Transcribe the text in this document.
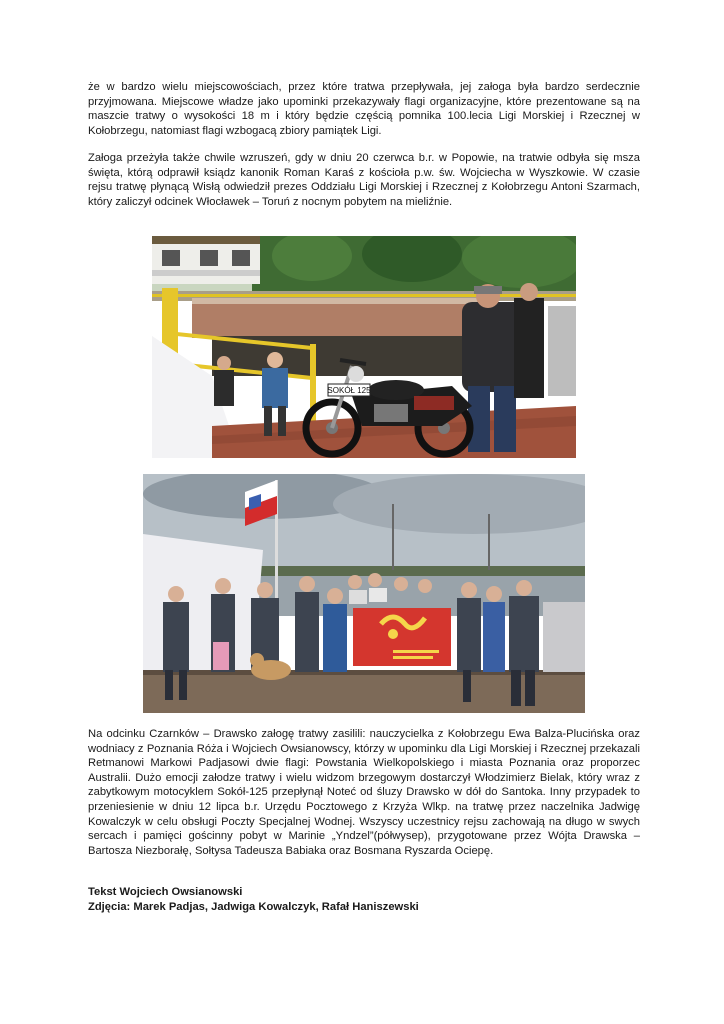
że w bardzo wielu miejscowościach, przez które tratwa przepływała, jej załoga była bardzo serdecznie przyjmowana. Miejscowe władze jako upominki przekazywały flagi organizacyjne, które prezentowane są na maszcie tratwy o wysokości 18 m i który będzie częścią pomnika 100.lecia Ligi Morskiej i Rzecznej w Kołobrzegu, natomiast flagi wzbogacą zbiory pamiątek Ligi.

Załoga przeżyła także chwile wzruszeń, gdy w dniu 20 czerwca b.r. w Popowie, na tratwie odbyła się msza święta, którą odprawił ksiądz kanonik Roman Karaś z kościoła p.w. św. Wojciecha w Wyszkowie. W czasie rejsu tratwę płynącą Wisłą odwiedził prezes Oddziału Ligi Morskiej i Rzecznej z Kołobrzegu Antoni Szarmach, który zaliczył odcinek Włocławek – Toruń z nocnym pobytem na mieliźnie.

SOKÓŁ 125

Na odcinku Czarnków – Drawsko załogę tratwy zasilili: nauczycielka z Kołobrzegu Ewa Balza-Plucińska oraz wodniacy z Poznania Róża i Wojciech Owsianowscy, którzy w upominku dla Ligi Morskiej i Rzecznej przekazali Retmanowi Markowi Padjasowi dwie flagi: Powstania Wielkopolskiego i miasta Poznania oraz proporzec Australii. Dużo emocji załodze tratwy i wielu widzom brzegowym dostarczył Włodzimierz Bielak, który wraz z zabytkowym motocyklem Sokół-125 przepłynął Noteć od śluzy Drawsko w dół do Santoka. Inny przypadek to przeniesienie w dniu 12 lipca b.r. Urzędu Pocztowego z Krzyża Wlkp. na tratwę przez naczelnika Jadwigę Kowalczyk w celu obsługi Poczty Specjalnej Wodnej. Wszyscy uczestnicy rejsu zachowają na długo w swych sercach i pamięci gościnny pobyt w Marinie „Yndzel”(półwysep), przygotowane przez Wójta Drawska – Bartosza Niezborałę, Sołtysa Tadeusza Babiaka oraz Bosmana Ryszarda Ociepę.

Tekst Wojciech Owsianowski
Zdjęcia: Marek Padjas, Jadwiga Kowalczyk, Rafał Haniszewski
